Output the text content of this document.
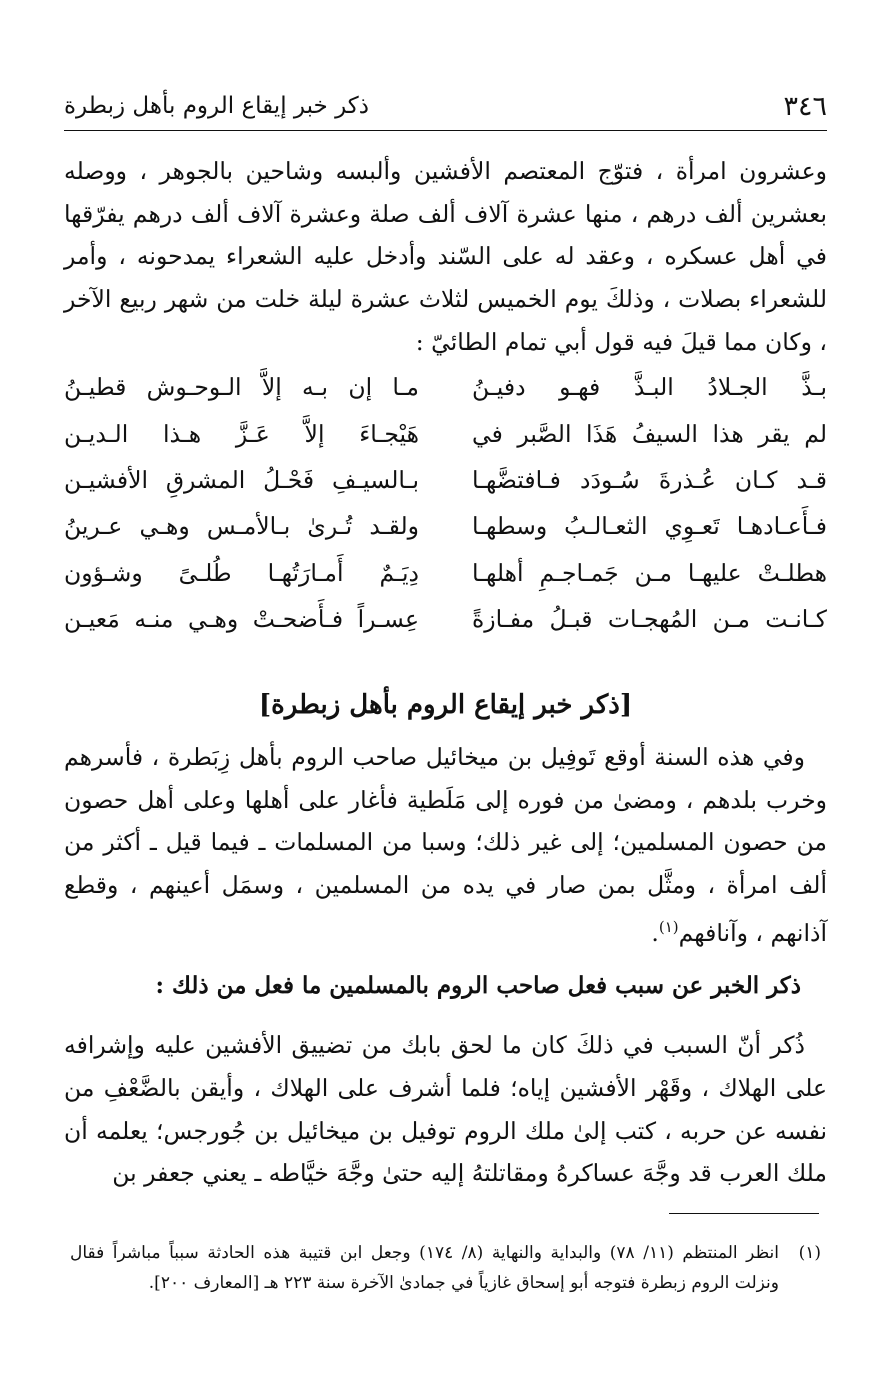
٣٤٦
ذكر خبر إيقاع الروم بأهل زبطرة

وعشرون امرأة ، فتوّج المعتصم الأفشين وألبسه وشاحين بالجوهر ، ووصله بعشرين ألف درهم ، منها عشرة آلاف ألف صلة وعشرة آلاف ألف درهم يفرّقها في أهل عسكره ، وعقد له على السّند وأدخل عليه الشعراء يمدحونه ، وأمر للشعراء بصلات ، وذلكَ يوم الخميس لثلاث عشرة ليلة خلت من شهر ربيع الآخر ، وكان مما قيلَ فيه قول أبي تمام الطائيّ :

بـذَّ الجـلادُ البـذَّ فهـو دفيـنُ
مـا إن بـه إلاَّ الـوحـوش قطيـنُ
لم يقر هذا السيفُ هَذَا الصَّبر في
هَيْجـاءَ إلاَّ عَـزَّ هـذا الـديـن
قـد كـان عُـذرةَ سُـودَد فـافتضَّهـا
بـالسيـفِ فَحْـلُ المشرقِ الأفشيـن
فـأَعـادهـا تَعـوِي الثعـالـبُ وسطهـا
ولقـد تُـرىٰ بـالأمـس وهـي عـرينُ
هطلـتْ عليهـا مـن جَمـاجـمِ أهلهـا
دِيَـمٌ أَمـارَتُهـا طُلـىً وشـؤون
كـانـت مـن المُهجـات قبـلُ مفـازةً
عِسـراً فـأَضحـتْ وهـي منـه مَعيـن
[ذكر خبر إيقاع الروم بأهل زبطرة]

وفي هذه السنة أوقع تَوفِيل بن ميخائيل صاحب الروم بأهل زِبَطرة ، فأسرهم وخرب بلدهم ، ومضىٰ من فوره إلى مَلَطية فأغار على أهلها وعلى أهل حصون من حصون المسلمين؛ إلى غير ذلك؛ وسبا من المسلمات ـ فيما قيل ـ أكثر من ألف امرأة ، ومثَّل بمن صار في يده من المسلمين ، وسمَل أعينهم ، وقطع آذانهم ، وآنافهم$^{(١)}$.

ذكر الخبر عن سبب فعل صاحب الروم بالمسلمين ما فعل من ذلك :

ذُكر أنّ السبب في ذلكَ كان ما لحق بابك من تضييق الأفشين عليه وإشرافه على الهلاك ، وقَهْر الأفشين إياه؛ فلما أشرف على الهلاك ، وأيقن بالضَّعْفِ من نفسه عن حربه ، كتب إلىٰ ملك الروم توفيل بن ميخائيل بن جُورجس؛ يعلمه أن ملك العرب قد وجَّهَ عساكرهُ ومقاتلتهُ إليه حتىٰ وجَّهَ خيَّاطه ـ يعني جعفر بن

(١)
انظر المنتظم (١١/ ٧٨) والبداية والنهاية (٨/ ١٧٤) وجعل ابن قتيبة هذه الحادثة سبباً مباشراً فقال ونزلت الروم زبطرة فتوجه أبو إسحاق غازياً في جمادىٰ الآخرة سنة ٢٢٣ هـ [المعارف ٢٠٠].
